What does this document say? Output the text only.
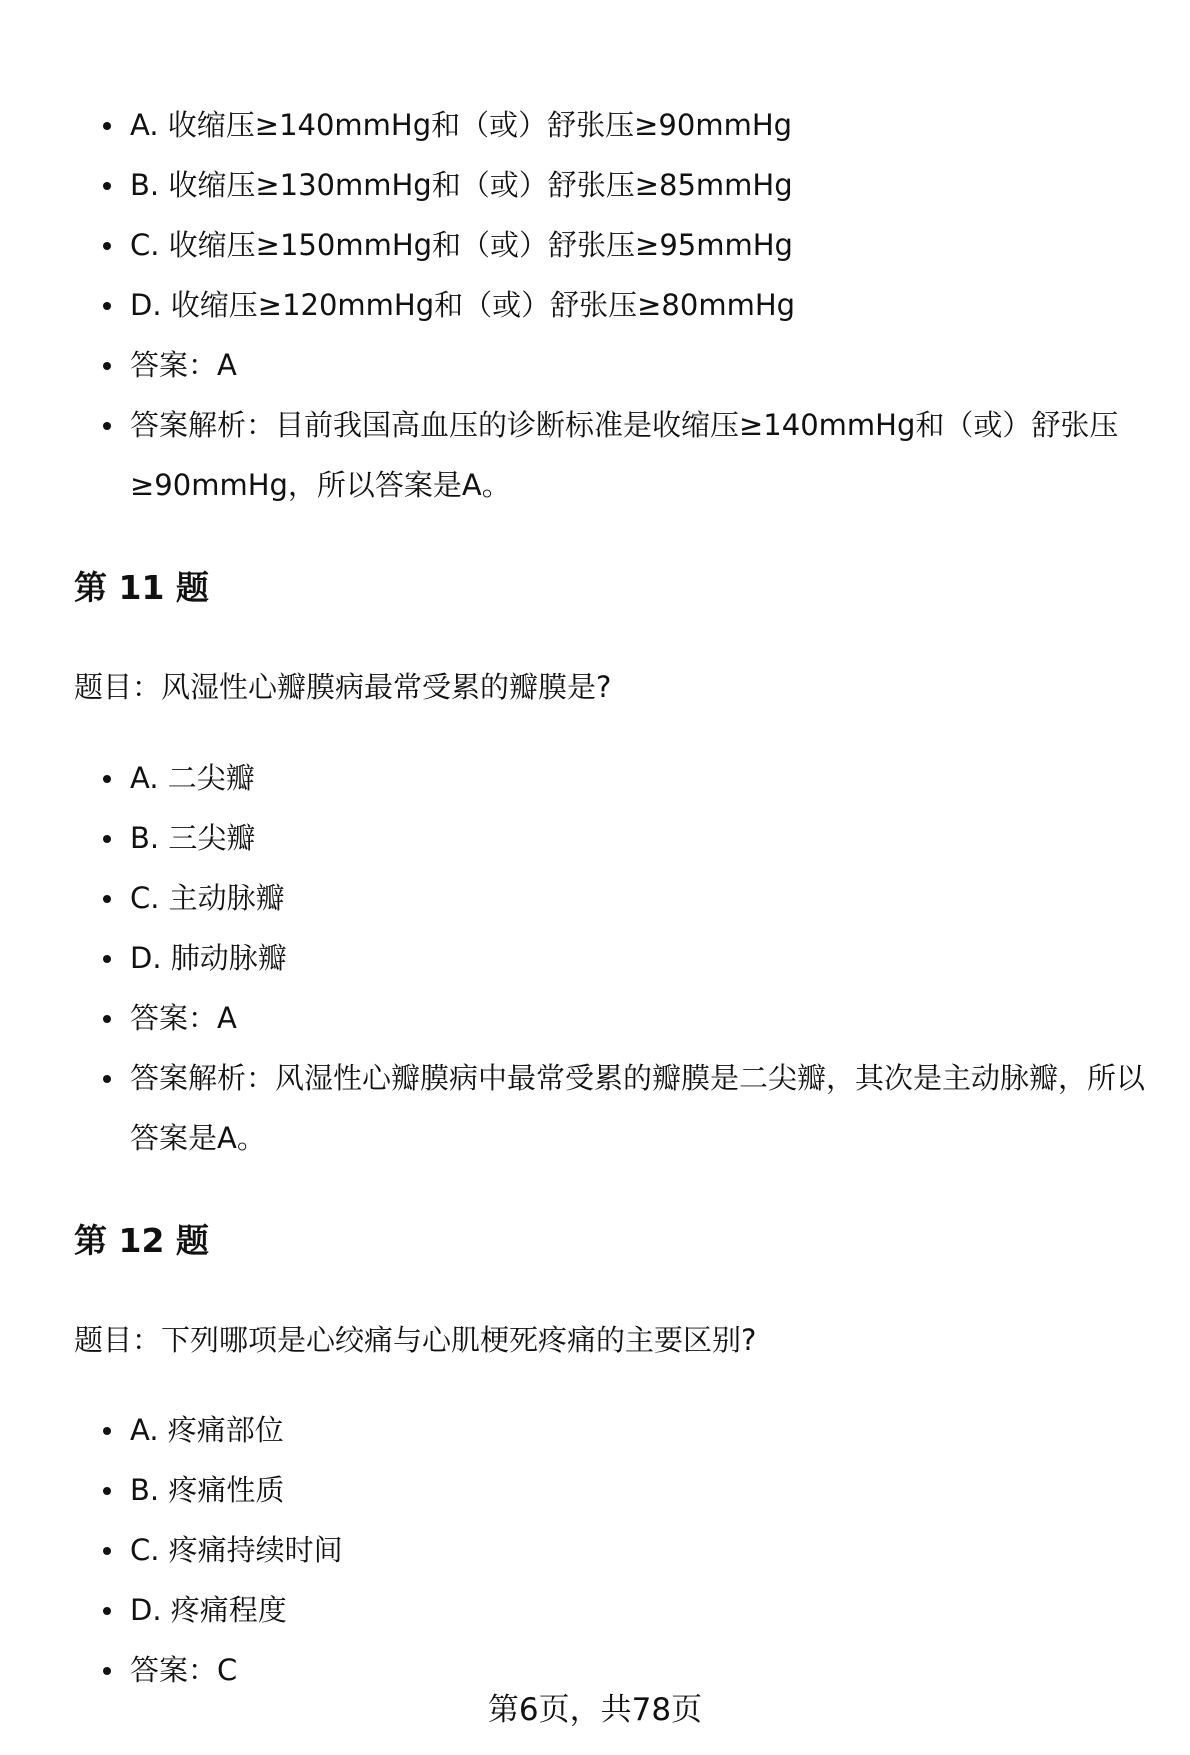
A. 收缩压≥140mmHg和（或）舒张压≥90mmHg
B. 收缩压≥130mmHg和（或）舒张压≥85mmHg
C. 收缩压≥150mmHg和（或）舒张压≥95mmHg
D. 收缩压≥120mmHg和（或）舒张压≥80mmHg
答案：A
答案解析：目前我国高血压的诊断标准是收缩压≥140mmHg和（或）舒张压≥90mmHg，所以答案是A。
第 11 题

题目：风湿性心瓣膜病最常受累的瓣膜是?

A. 二尖瓣
B. 三尖瓣
C. 主动脉瓣
D. 肺动脉瓣
答案：A
答案解析：风湿性心瓣膜病中最常受累的瓣膜是二尖瓣，其次是主动脉瓣，所以答案是A。
第 12 题

题目：下列哪项是心绞痛与心肌梗死疼痛的主要区别?

A. 疼痛部位
B. 疼痛性质
C. 疼痛持续时间
D. 疼痛程度
答案：C
第6页，共78页
